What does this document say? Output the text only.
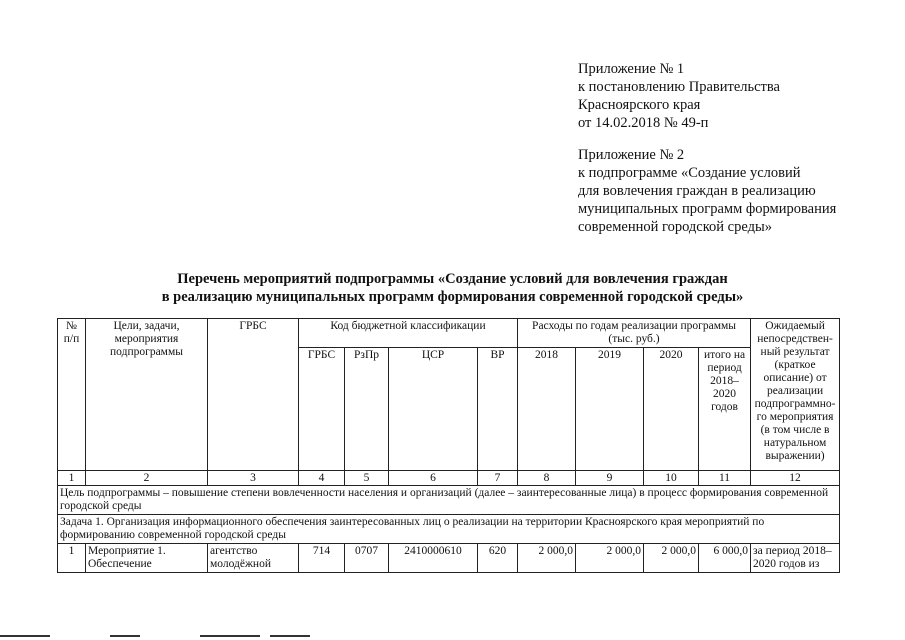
Приложение № 1
к постановлению Правительства
Красноярского края
от 14.02.2018 № 49-п
Приложение № 2
к подпрограмме «Создание условий
для вовлечения граждан в реализацию
муниципальных программ формирования
современной городской среды»
Перечень мероприятий подпрограммы «Создание условий для вовлечения граждан
в реализацию муниципальных программ формирования современной городской среды»
№ п/п	Цели, задачи, мероприятия подпрограммы	ГРБС	Код бюджетной классификации				Расходы по годам реализации программы (тыс. руб.)				Ожидаемый непосредствен-ный результат (краткое описание) от реализации подпрограммно-го мероприятия (в том числе в натуральном выражении)
			ГРБС	РзПр	ЦСР	ВР	2018	2019	2020	итого на период 2018–2020 годов	
1	2	3	4	5	6	7	8	9	10	11	12
Цель подпрограммы – повышение степени вовлеченности населения и организаций (далее – заинтересованные лица) в процесс формирования современной городской среды											
Задача 1. Организация информационного обеспечения заинтересованных лиц о реализации на территории Красноярского края мероприятий по формированию современной городской среды											
1	Мероприятие 1. Обеспечение	агентство молодёжной	714	0707	2410000610	620	2 000,0	2 000,0	2 000,0	6 000,0	за период 2018–2020 годов из
